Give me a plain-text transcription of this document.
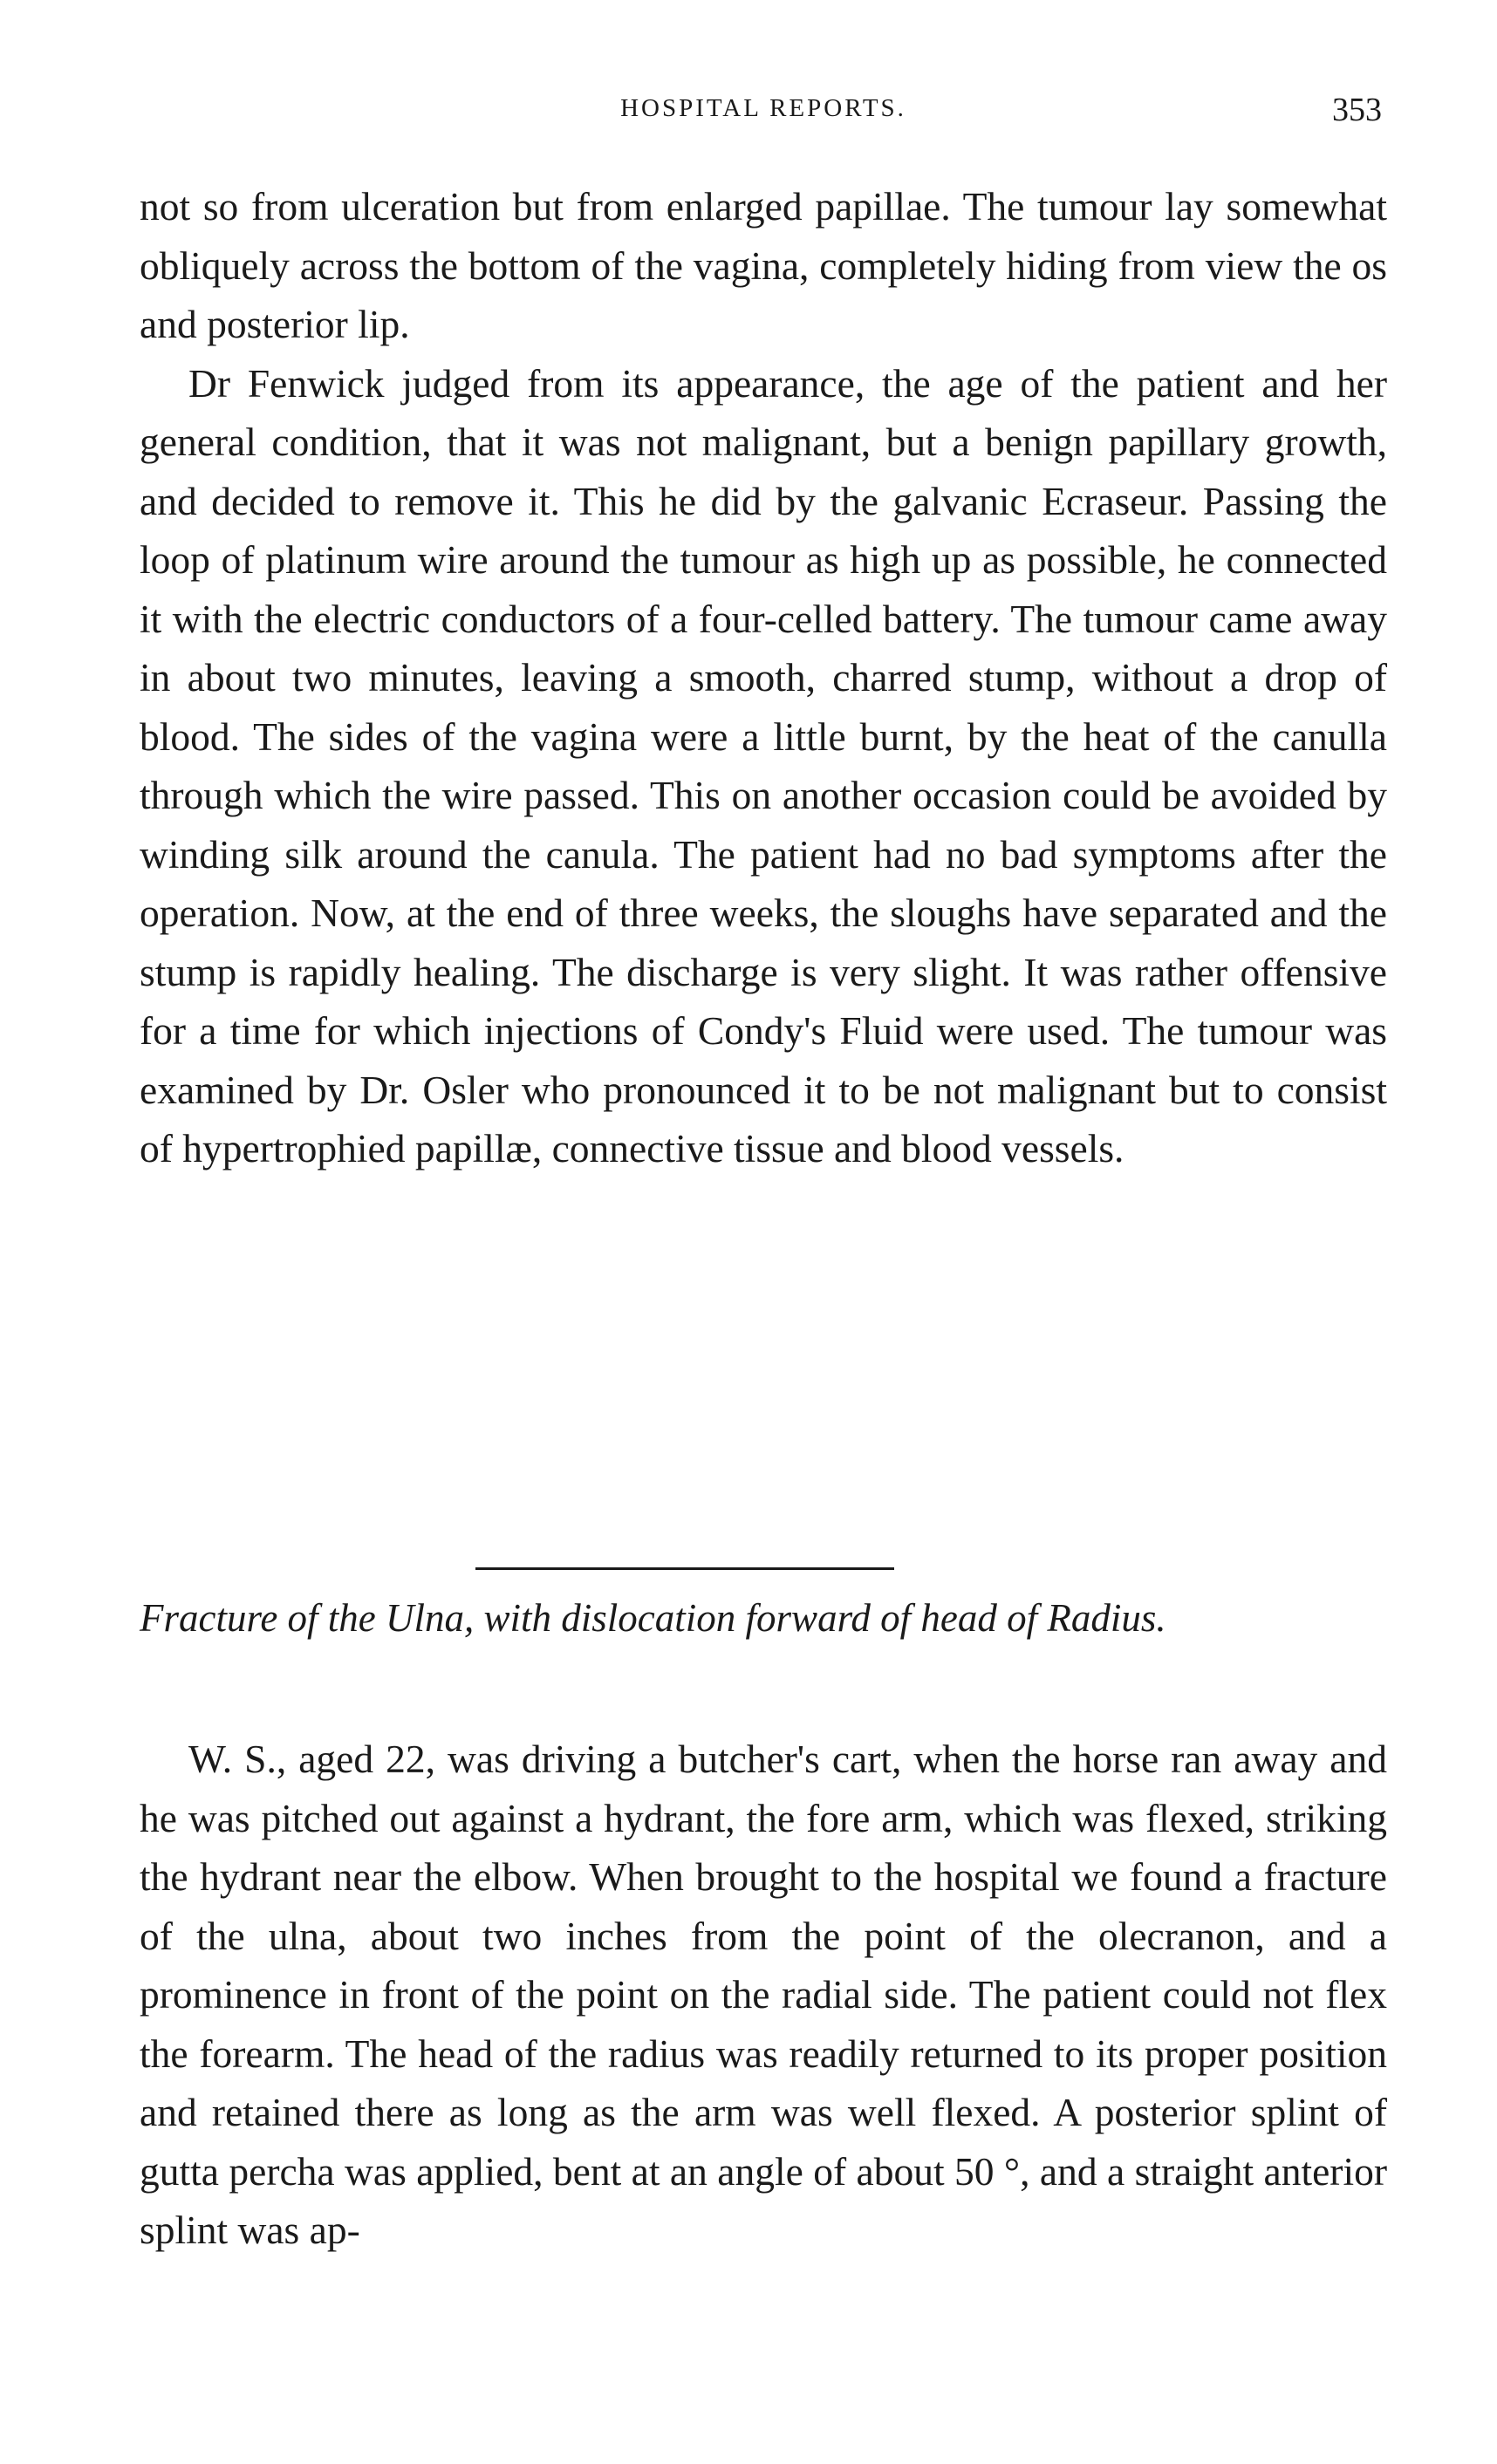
HOSPITAL REPORTS.	353

not so from ulceration but from enlarged papillae. The tumour lay somewhat obliquely across the bottom of the vagina, completely hiding from view the os and posterior lip.

Dr Fenwick judged from its appearance, the age of the patient and her general condition, that it was not malignant, but a benign papillary growth, and decided to remove it. This he did by the galvanic Ecraseur. Passing the loop of platinum wire around the tumour as high up as possible, he connected it with the electric conductors of a four-celled battery. The tumour came away in about two minutes, leaving a smooth, charred stump, without a drop of blood. The sides of the vagina were a little burnt, by the heat of the canulla through which the wire passed. This on another occasion could be avoided by winding silk around the canula. The patient had no bad symptoms after the operation. Now, at the end of three weeks, the sloughs have separated and the stump is rapidly healing. The discharge is very slight. It was rather offensive for a time for which injections of Condy's Fluid were used. The tumour was examined by Dr. Osler who pronounced it to be not malignant but to consist of hypertrophied papillæ, connective tissue and blood vessels.

Fracture of the Ulna, with dislocation forward of head of Radius.

W. S., aged 22, was driving a butcher's cart, when the horse ran away and he was pitched out against a hydrant, the fore arm, which was flexed, striking the hydrant near the elbow. When brought to the hospital we found a fracture of the ulna, about two inches from the point of the olecranon, and a prominence in front of the point on the radial side. The patient could not flex the forearm. The head of the radius was readily returned to its proper position and retained there as long as the arm was well flexed. A posterior splint of gutta percha was applied, bent at an angle of about 50 °, and a straight anterior splint was ap-
